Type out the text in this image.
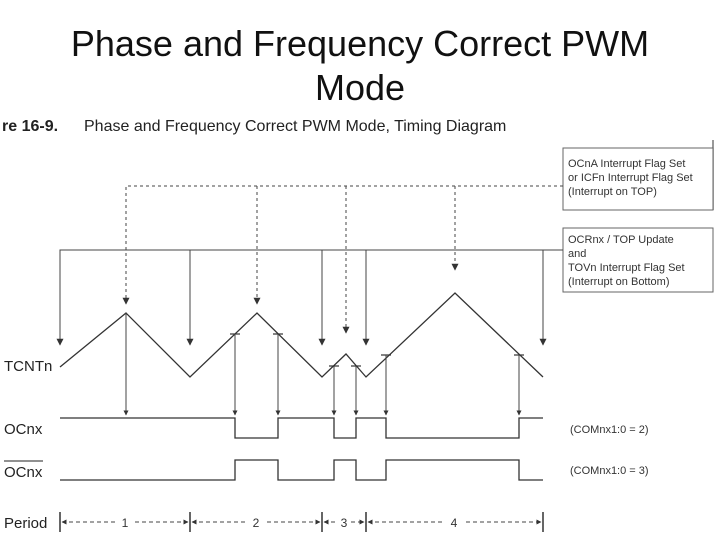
Phase and Frequency Correct PWM
Mode
re 16-9. Phase and Frequency Correct PWM Mode, Timing Diagram
OCnA Interrupt Flag Set or ICFn Interrupt Flag Set (Interrupt on TOP)
OCRnx / TOP Update and TOVn Interrupt Flag Set (Interrupt on Bottom)
TCNTn
OCnx
OCnx
Period
(COMnx1:0 = 2)
(COMnx1:0 = 3)
1	2	3	4
